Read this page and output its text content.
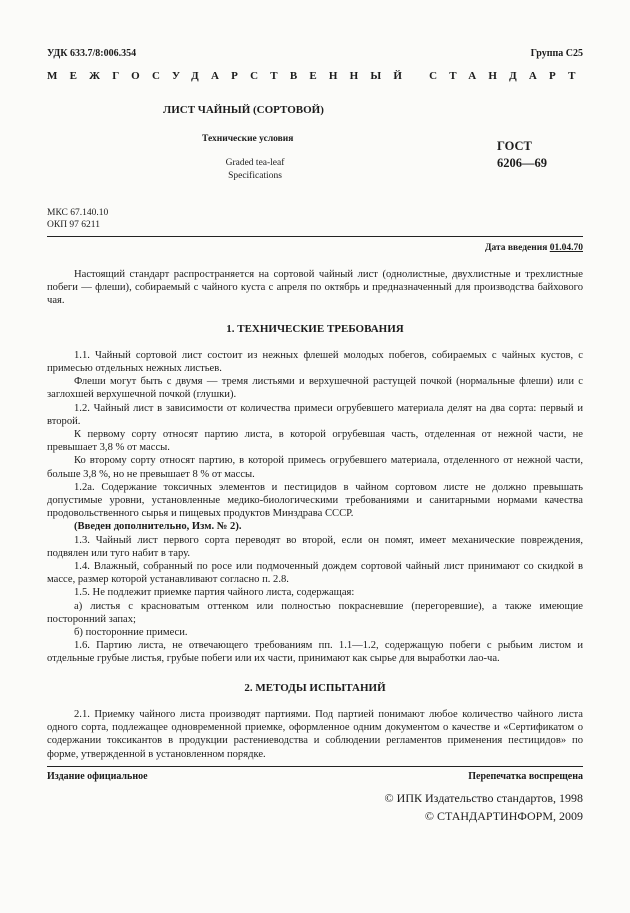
УДК 633.7/8:006.354	Группа С25
МЕЖГОСУДАРСТВЕННЫЙ СТАНДАРТ
ЛИСТ ЧАЙНЫЙ (СОРТОВОЙ)
Технические условия
Graded tea-leaf
Specifications
ГОСТ
6206—69
МКС 67.140.10
ОКП 97 6211
Дата введения 01.04.70

Настоящий стандарт распространяется на сортовой чайный лист (однолистные, двухлистные и трехлистные побеги — флеши), собираемый с чайного куста с апреля по октябрь и предназначенный для производства байхового чая.

1. ТЕХНИЧЕСКИЕ ТРЕБОВАНИЯ

1.1. Чайный сортовой лист состоит из нежных флешей молодых побегов, собираемых с чайных кустов, с примесью отдельных нежных листьев.

Флеши могут быть с двумя — тремя листьями и верхушечной растущей почкой (нормальные флеши) или с заглохшей верхушечной почкой (глушки).

1.2. Чайный лист в зависимости от количества примеси огрубевшего материала делят на два сорта: первый и второй.

К первому сорту относят партию листа, в которой огрубевшая часть, отделенная от нежной части, не превышает 3,8 % от массы.

Ко второму сорту относят партию, в которой примесь огрубевшего материала, отделенного от нежной части, больше 3,8 %, но не превышает 8 % от массы.

1.2а. Содержание токсичных элементов и пестицидов в чайном сортовом листе не должно превышать допустимые уровни, установленные медико-биологическими требованиями и санитарными нормами качества продовольственного сырья и пищевых продуктов Минздрава СССР.

(Введен дополнительно, Изм. № 2).

1.3. Чайный лист первого сорта переводят во второй, если он помят, имеет механические повреждения, подвялен или туго набит в тару.

1.4. Влажный, собранный по росе или подмоченный дождем сортовой чайный лист принимают со скидкой в массе, размер которой устанавливают согласно п. 2.8.

1.5. Не подлежит приемке партия чайного листа, содержащая:

а) листья с красноватым оттенком или полностью покрасневшие (перегоревшие), а также имеющие посторонний запах;

б) посторонние примеси.

1.6. Партию листа, не отвечающего требованиям пп. 1.1—1.2, содержащую побеги с рыбьим листом и отдельные грубые листья, грубые побеги или их части, принимают как сырье для выработки лао-ча.

2. МЕТОДЫ ИСПЫТАНИЙ

2.1. Приемку чайного листа производят партиями. Под партией понимают любое количество чайного листа одного сорта, подлежащее одновременной приемке, оформленное одним документом о качестве и «Сертификатом о содержании токсикантов в продукции растениеводства и соблюдении регламентов применения пестицидов» по форме, утвержденной в установленном порядке.

Издание официальное	Перепечатка воспрещена
© ИПК Издательство стандартов, 1998
© СТАНДАРТИНФОРМ, 2009
